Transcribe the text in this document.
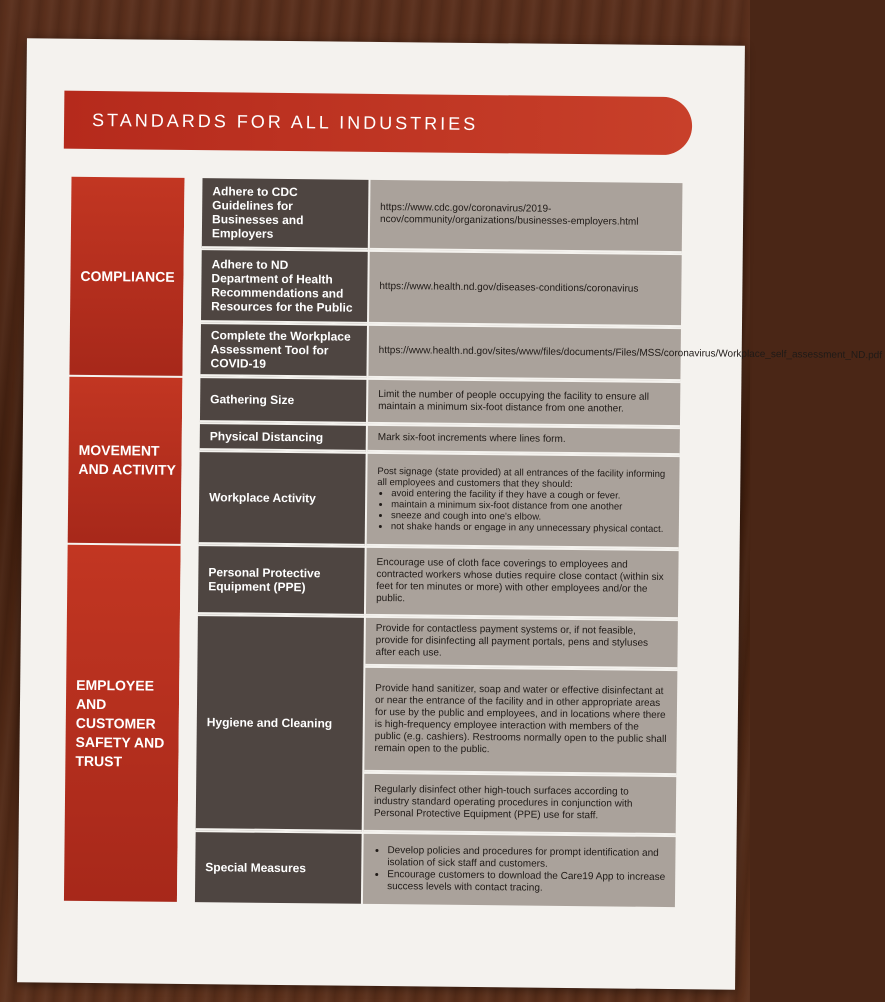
STANDARDS FOR ALL INDUSTRIES
COMPLIANCE
MOVEMENT AND ACTIVITY
EMPLOYEE AND CUSTOMER SAFETY AND TRUST
Adhere to CDC Guidelines for Businesses and Employers
https://www.cdc.gov/coronavirus/2019-ncov/community/organizations/businesses-employers.html
Adhere to ND Department of Health Recommendations and Resources for the Public
https://www.health.nd.gov/diseases-conditions/coronavirus
Complete the Workplace Assessment Tool for COVID-19
https://www.health.nd.gov/sites/www/files/documents/Files/MSS/coronavirus/Workplace_self_assessment_ND.pdf
Gathering Size	Limit the number of people occupying the facility to ensure all maintain a minimum six-foot distance from one another.
Physical Distancing	Mark six-foot increments where lines form.
Workplace Activity
Post signage (state provided) at all entrances of the facility informing all employees and customers that they should:
• avoid entering the facility if they have a cough or fever.
• maintain a minimum six-foot distance from one another
• sneeze and cough into one's elbow.
• not shake hands or engage in any unnecessary physical contact.
Personal Protective Equipment (PPE)
Encourage use of cloth face coverings to employees and contracted workers whose duties require close contact (within six feet for ten minutes or more) with other employees and/or the public.
Hygiene and Cleaning
Provide for contactless payment systems or, if not feasible, provide for disinfecting all payment portals, pens and styluses after each use.
Provide hand sanitizer, soap and water or effective disinfectant at or near the entrance of the facility and in other appropriate areas for use by the public and employees, and in locations where there is high-frequency employee interaction with members of the public (e.g. cashiers). Restrooms normally open to the public shall remain open to the public.
Regularly disinfect other high-touch surfaces according to industry standard operating procedures in conjunction with Personal Protective Equipment (PPE) use for staff.
Special Measures
• Develop policies and procedures for prompt identification and isolation of sick staff and customers.
• Encourage customers to download the Care19 App to increase success levels with contact tracing.
